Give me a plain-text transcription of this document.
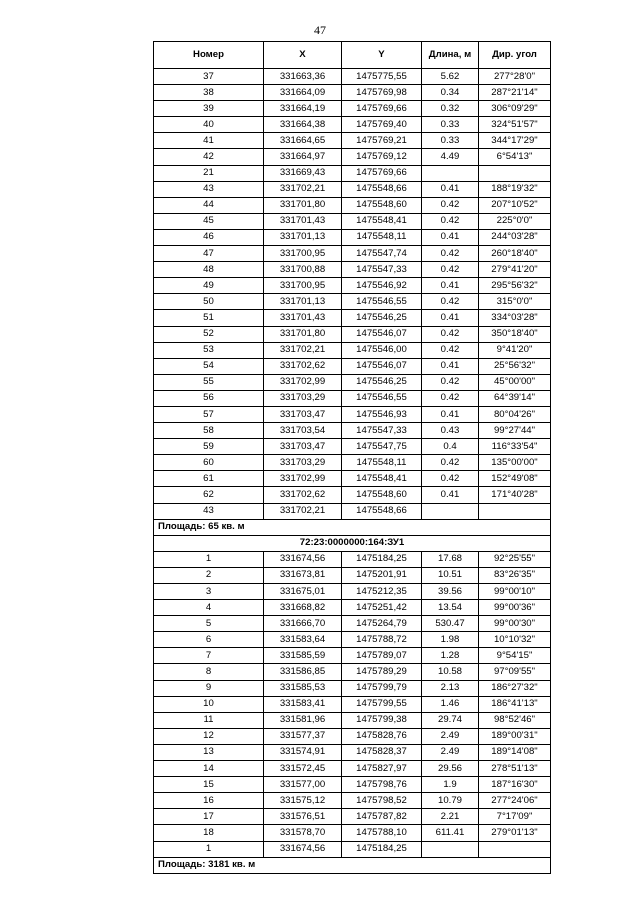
47
Номер	X	Y	Длина, м	Дир. угол
37	331663,36	1475775,55	5.62	277°28'0"
38	331664,09	1475769,98	0.34	287°21'14"
39	331664,19	1475769,66	0.32	306°09'29"
40	331664,38	1475769,40	0.33	324°51'57"
41	331664,65	1475769,21	0.33	344°17'29"
42	331664,97	1475769,12	4.49	6°54'13"
21	331669,43	1475769,66		
43	331702,21	1475548,66	0.41	188°19'32"
44	331701,80	1475548,60	0.42	207°10'52"
45	331701,43	1475548,41	0.42	225°0'0"
46	331701,13	1475548,11	0.41	244°03'28"
47	331700,95	1475547,74	0.42	260°18'40"
48	331700,88	1475547,33	0.42	279°41'20"
49	331700,95	1475546,92	0.41	295°56'32"
50	331701,13	1475546,55	0.42	315°0'0"
51	331701,43	1475546,25	0.41	334°03'28"
52	331701,80	1475546,07	0.42	350°18'40"
53	331702,21	1475546,00	0.42	9°41'20"
54	331702,62	1475546,07	0.41	25°56'32"
55	331702,99	1475546,25	0.42	45°00'00"
56	331703,29	1475546,55	0.42	64°39'14"
57	331703,47	1475546,93	0.41	80°04'26"
58	331703,54	1475547,33	0.43	99°27'44"
59	331703,47	1475547,75	0.4	116°33'54"
60	331703,29	1475548,11	0.42	135°00'00"
61	331702,99	1475548,41	0.42	152°49'08"
62	331702,62	1475548,60	0.41	171°40'28"
43	331702,21	1475548,66		
Площадь: 65 кв. м				
72:23:0000000:164:ЗУ1				
1	331674,56	1475184,25	17.68	92°25'55"
2	331673,81	1475201,91	10.51	83°26'35"
3	331675,01	1475212,35	39.56	99°00'10"
4	331668,82	1475251,42	13.54	99°00'36"
5	331666,70	1475264,79	530.47	99°00'30"
6	331583,64	1475788,72	1.98	10°10'32"
7	331585,59	1475789,07	1.28	9°54'15"
8	331586,85	1475789,29	10.58	97°09'55"
9	331585,53	1475799,79	2.13	186°27'32"
10	331583,41	1475799,55	1.46	186°41'13"
11	331581,96	1475799,38	29.74	98°52'46"
12	331577,37	1475828,76	2.49	189°00'31"
13	331574,91	1475828,37	2.49	189°14'08"
14	331572,45	1475827,97	29.56	278°51'13"
15	331577,00	1475798,76	1.9	187°16'30"
16	331575,12	1475798,52	10.79	277°24'06"
17	331576,51	1475787,82	2.21	7°17'09"
18	331578,70	1475788,10	611.41	279°01'13"
1	331674,56	1475184,25		
Площадь: 3181 кв. м				
